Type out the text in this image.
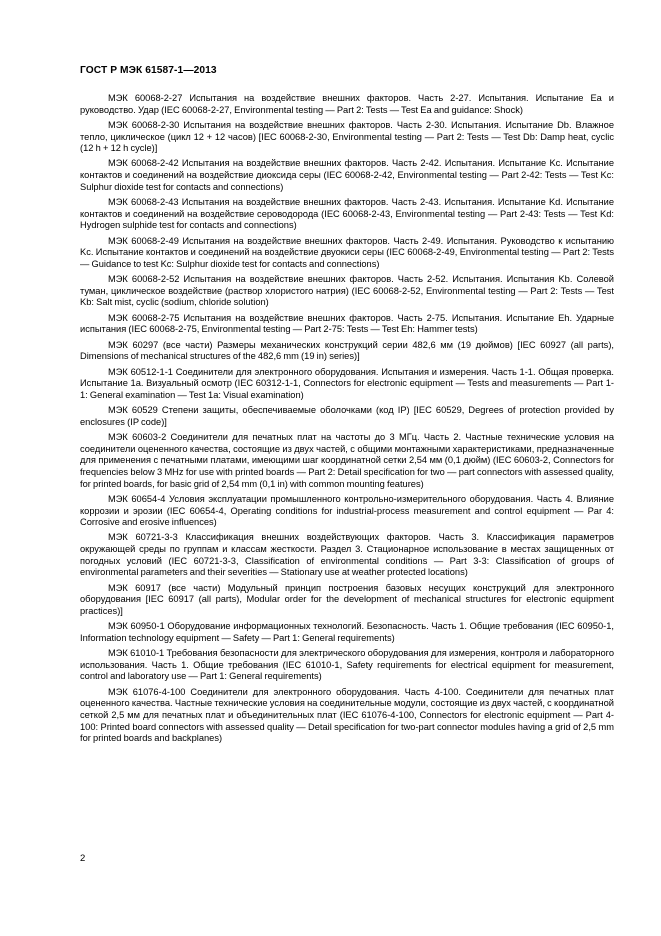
ГОСТ Р МЭК 61587-1—2013

МЭК 60068-2-27 Испытания на воздействие внешних факторов. Часть 2-27. Испытания. Испытание Ea и руководство. Удар (IEC 60068-2-27, Environmental testing — Part 2: Tests — Test Ea and guidance: Shock)

МЭК 60068-2-30 Испытания на воздействие внешних факторов. Часть 2-30. Испытания. Испытание Db. Влажное тепло, циклическое (цикл 12 + 12 часов) [IEC 60068-2-30, Environmental testing — Part 2: Tests — Test Db: Damp heat, cyclic (12 h + 12 h cycle)]

МЭК 60068-2-42 Испытания на воздействие внешних факторов. Часть 2-42. Испытания. Испытание Kc. Испытание контактов и соединений на воздействие диоксида серы (IEC 60068-2-42, Environmental testing — Part 2-42: Tests — Test Kc: Sulphur dioxide test for contacts and connections)

МЭК 60068-2-43 Испытания на воздействие внешних факторов. Часть 2-43. Испытания. Испытание Kd. Испытание контактов и соединений на воздействие сероводорода (IEC 60068-2-43, Environmental testing — Part 2-43: Tests — Test Kd: Hydrogen sulphide test for contacts and connections)

МЭК 60068-2-49 Испытания на воздействие внешних факторов. Часть 2-49. Испытания. Руководство к испытанию Kc. Испытание контактов и соединений на воздействие двуокиси серы (IEC 60068-2-49, Environmental testing — Part 2: Tests — Guidance to test Kc: Sulphur dioxide test for contacts and connections)

МЭК 60068-2-52 Испытания на воздействие внешних факторов. Часть 2-52. Испытания. Испытания Kb. Солевой туман, циклическое воздействие (раствор хлористого натрия) (IEC 60068-2-52, Environmental testing — Part 2: Tests — Test Kb: Salt mist, cyclic (sodium, chloride solution)

МЭК 60068-2-75 Испытания на воздействие внешних факторов. Часть 2-75. Испытания. Испытание Eh. Ударные испытания (IEC 60068-2-75, Environmental testing — Part 2-75: Tests — Test Eh: Hammer tests)

МЭК 60297 (все части) Размеры механических конструкций серии 482,6 мм (19 дюймов) [IEC 60927 (all parts), Dimensions of mechanical structures of the 482,6 mm (19 in) series)]

МЭК 60512-1-1 Соединители для электронного оборудования. Испытания и измерения. Часть 1-1. Общая проверка. Испытание 1a. Визуальный осмотр (IEC 60312-1-1, Connectors for electronic equipment — Tests and measurements — Part 1-1: General examination — Test 1a: Visual examination)

МЭК 60529 Степени защиты, обеспечиваемые оболочками (код IP) [IEC 60529, Degrees of protection provided by enclosures (IP code)]

МЭК 60603-2 Соединители для печатных плат на частоты до 3 МГц. Часть 2. Частные технические условия на соединители оцененного качества, состоящие из двух частей, с общими монтажными характеристиками, предназначенные для применения с печатными платами, имеющими шаг координатной сетки 2,54 мм (0,1 дюйм) (IEC 60603-2, Connectors for frequencies below 3 MHz for use with printed boards — Part 2: Detail specification for two — part connectors with assessed quality, for printed boards, for basic grid of 2,54 mm (0,1 in) with common mounting features)

МЭК 60654-4 Условия эксплуатации промышленного контрольно-измерительного оборудования. Часть 4. Влияние коррозии и эрозии (IEC 60654-4, Operating conditions for industrial-process measurement and control equipment — Par 4: Corrosive and erosive influences)

МЭК 60721-3-3 Классификация внешних воздействующих факторов. Часть 3. Классификация параметров окружающей среды по группам и классам жесткости. Раздел 3. Стационарное использование в местах защищенных от погодных условий (IEC 60721-3-3, Classification of environmental conditions — Part 3-3: Classification of groups of environmental parameters and their severities — Stationary use at weather protected locations)

МЭК 60917 (все части) Модульный принцип построения базовых несущих конструкций для электронного оборудования [IEC 60917 (all parts), Modular order for the development of mechanical structures for electronic equipment practices)]

МЭК 60950-1 Оборудование информационных технологий. Безопасность. Часть 1. Общие требования (IEC 60950-1, Information technology equipment — Safety — Part 1: General requirements)

МЭК 61010-1 Требования безопасности для электрического оборудования для измерения, контроля и лабораторного использования. Часть 1. Общие требования (IEC 61010-1, Safety requirements for electrical equipment for measurement, control and laboratory use — Part 1: General requirements)

МЭК 61076-4-100 Соединители для электронного оборудования. Часть 4-100. Соединители для печатных плат оцененного качества. Частные технические условия на соединительные модули, состоящие из двух частей, с координатной сеткой 2,5 мм для печатных плат и объединительных плат (IEC 61076-4-100, Connectors for electronic equipment — Part 4-100: Printed board connectors with assessed quality — Detail specification for two-part connector modules having a grid of 2,5 mm for printed boards and backplanes)

2
